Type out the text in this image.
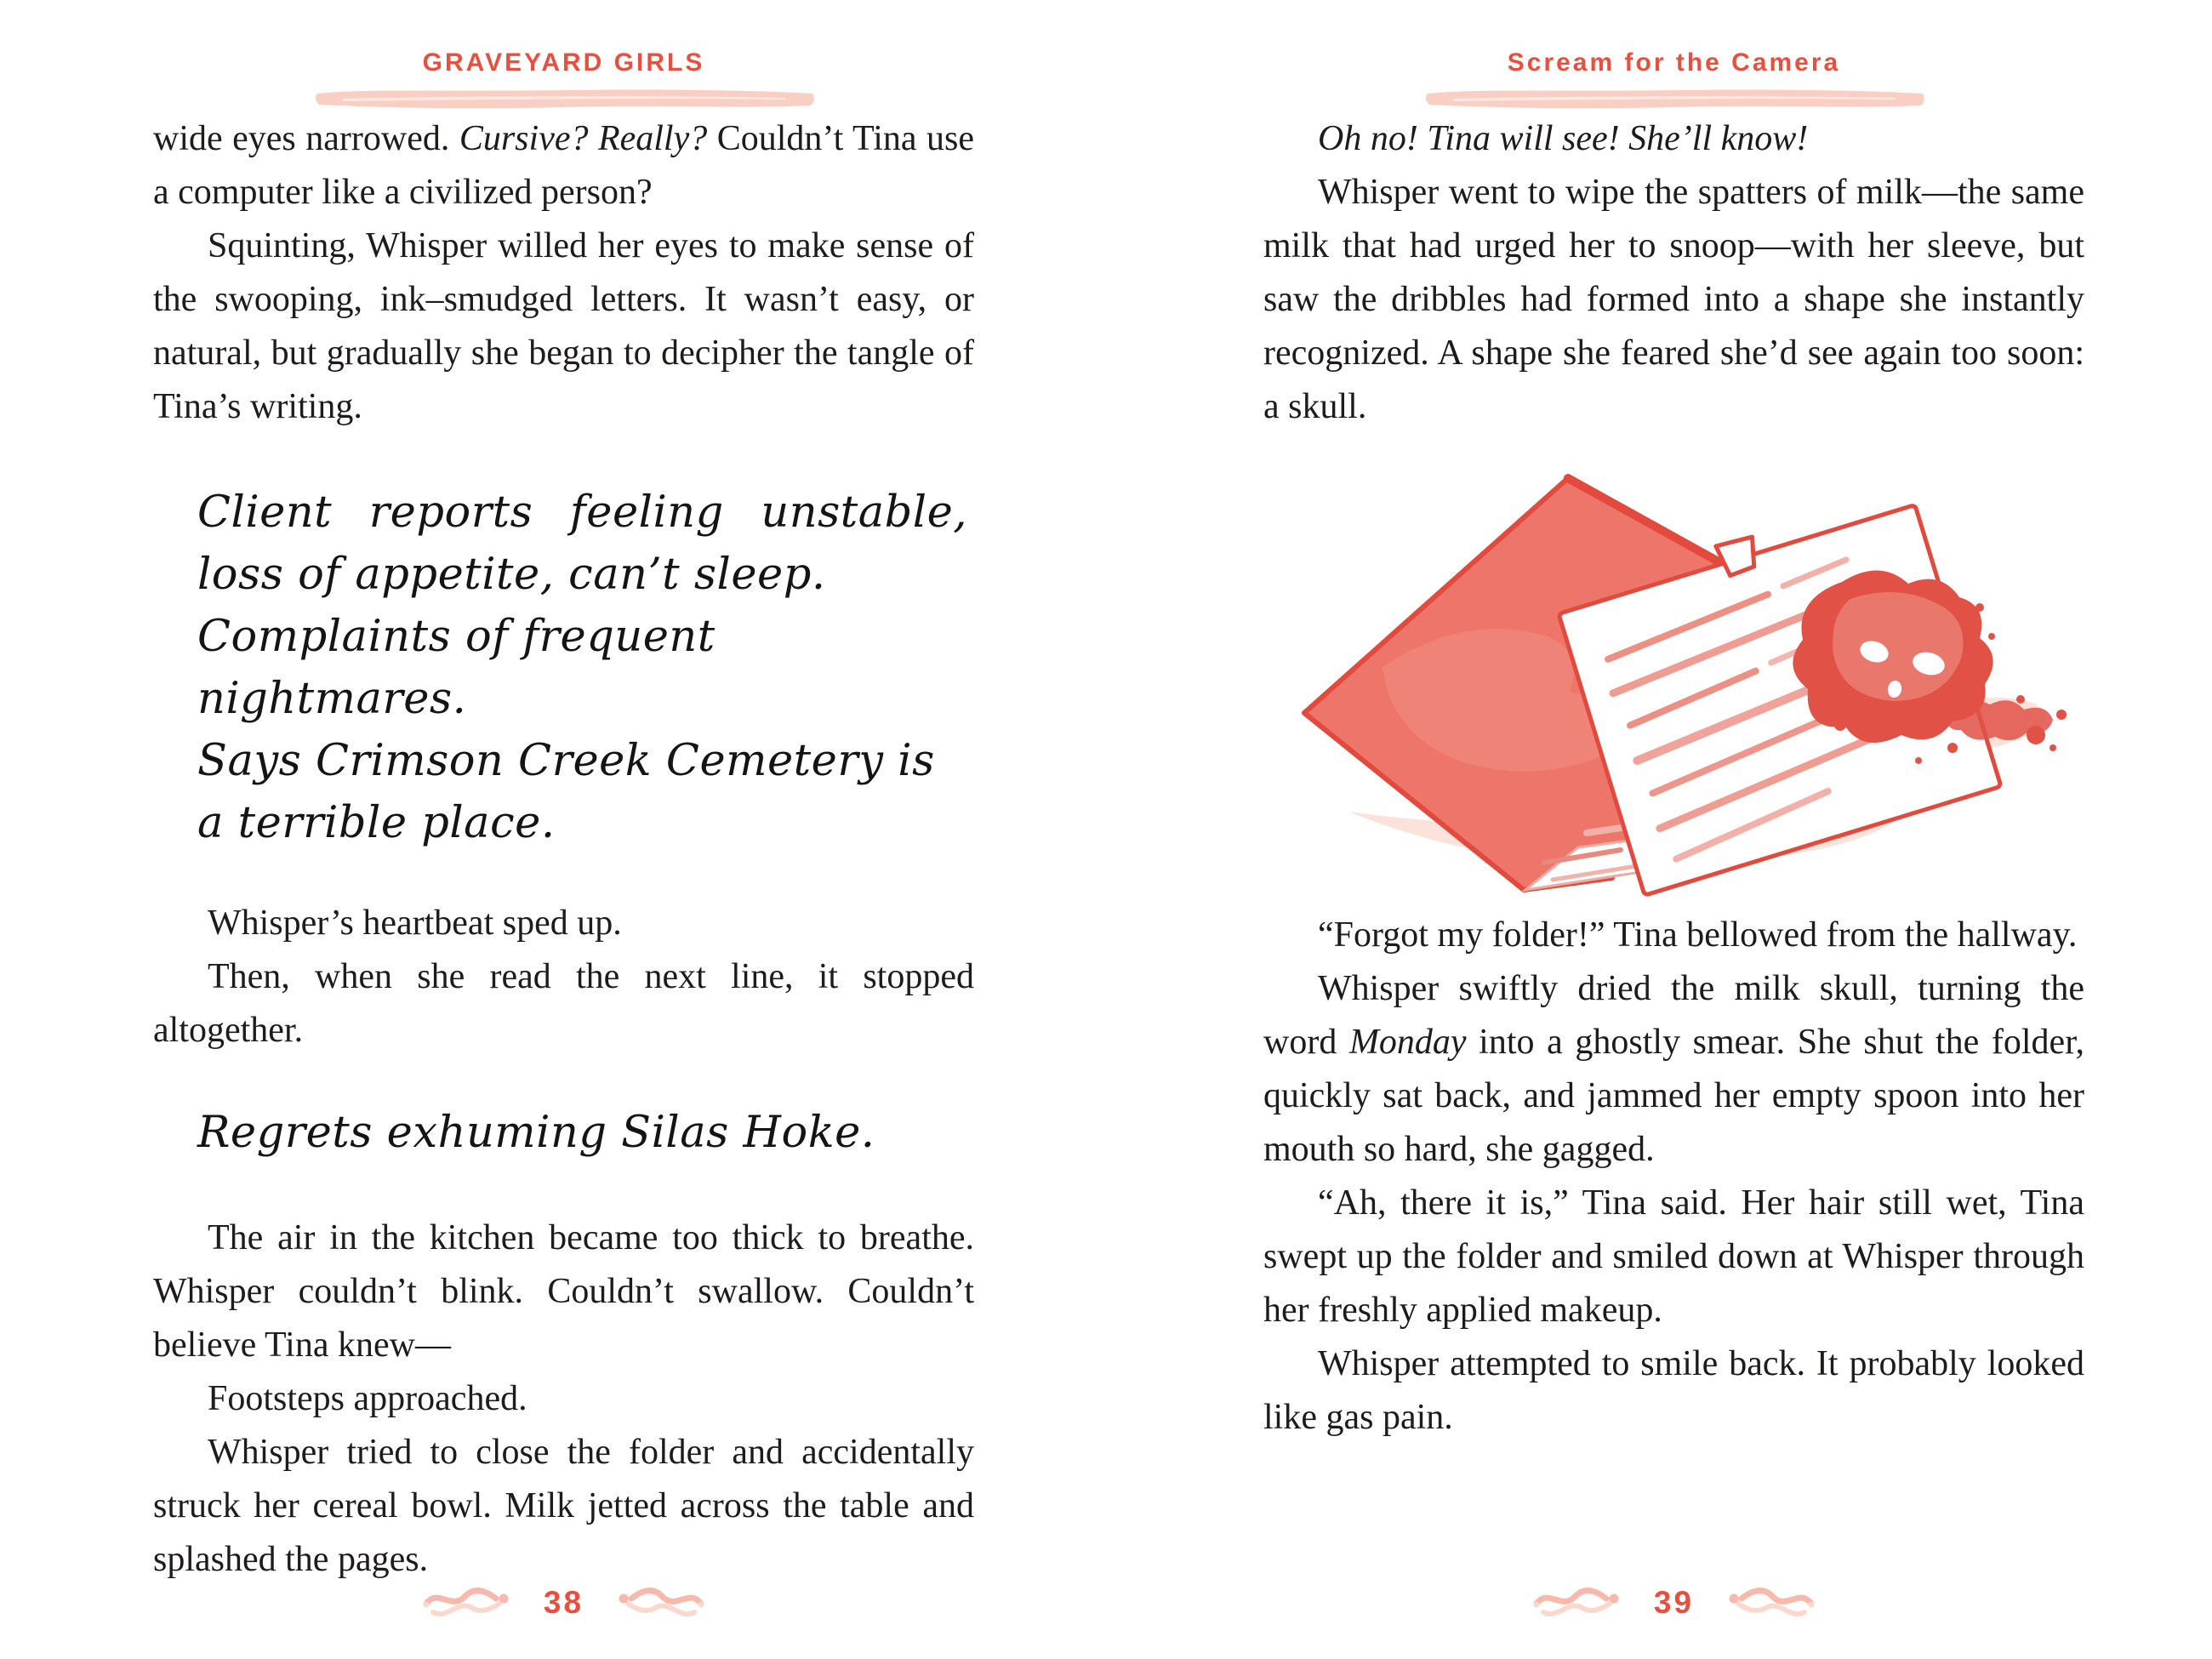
GRAVEYARD GIRLS

wide eyes narrowed. Cursive? Really? Couldn’t Tina use a computer like a civilized person?

Squinting, Whisper willed her eyes to make sense of the swooping, ink–smudged letters. It wasn’t easy, or natural, but gradually she began to decipher the tangle of Tina’s writing.

Client reports feeling unstable, loss of appetite, can’t sleep.
Complaints of frequent nightmares.
Says Crimson Creek Cemetery is a terrible place.

Whisper’s heartbeat sped up.

Then, when she read the next line, it stopped altogether.

Regrets exhuming Silas Hoke.

The air in the kitchen became too thick to breathe. Whisper couldn’t blink. Couldn’t swallow. Couldn’t believe Tina knew—

Footsteps approached.

Whisper tried to close the folder and accidentally struck her cereal bowl. Milk jetted across the table and splashed the pages.

38
Scream for the Camera

Oh no! Tina will see! She’ll know!

Whisper went to wipe the spatters of milk—the same milk that had urged her to snoop—with her sleeve, but saw the dribbles had formed into a shape she instantly recognized. A shape she feared she’d see again too soon: a skull.

“Forgot my folder!” Tina bellowed from the hallway.

Whisper swiftly dried the milk skull, turning the word Monday into a ghostly smear. She shut the folder, quickly sat back, and jammed her empty spoon into her mouth so hard, she gagged.

“Ah, there it is,” Tina said. Her hair still wet, Tina swept up the folder and smiled down at Whisper through her freshly applied makeup.

Whisper attempted to smile back. It probably looked like gas pain.

39
